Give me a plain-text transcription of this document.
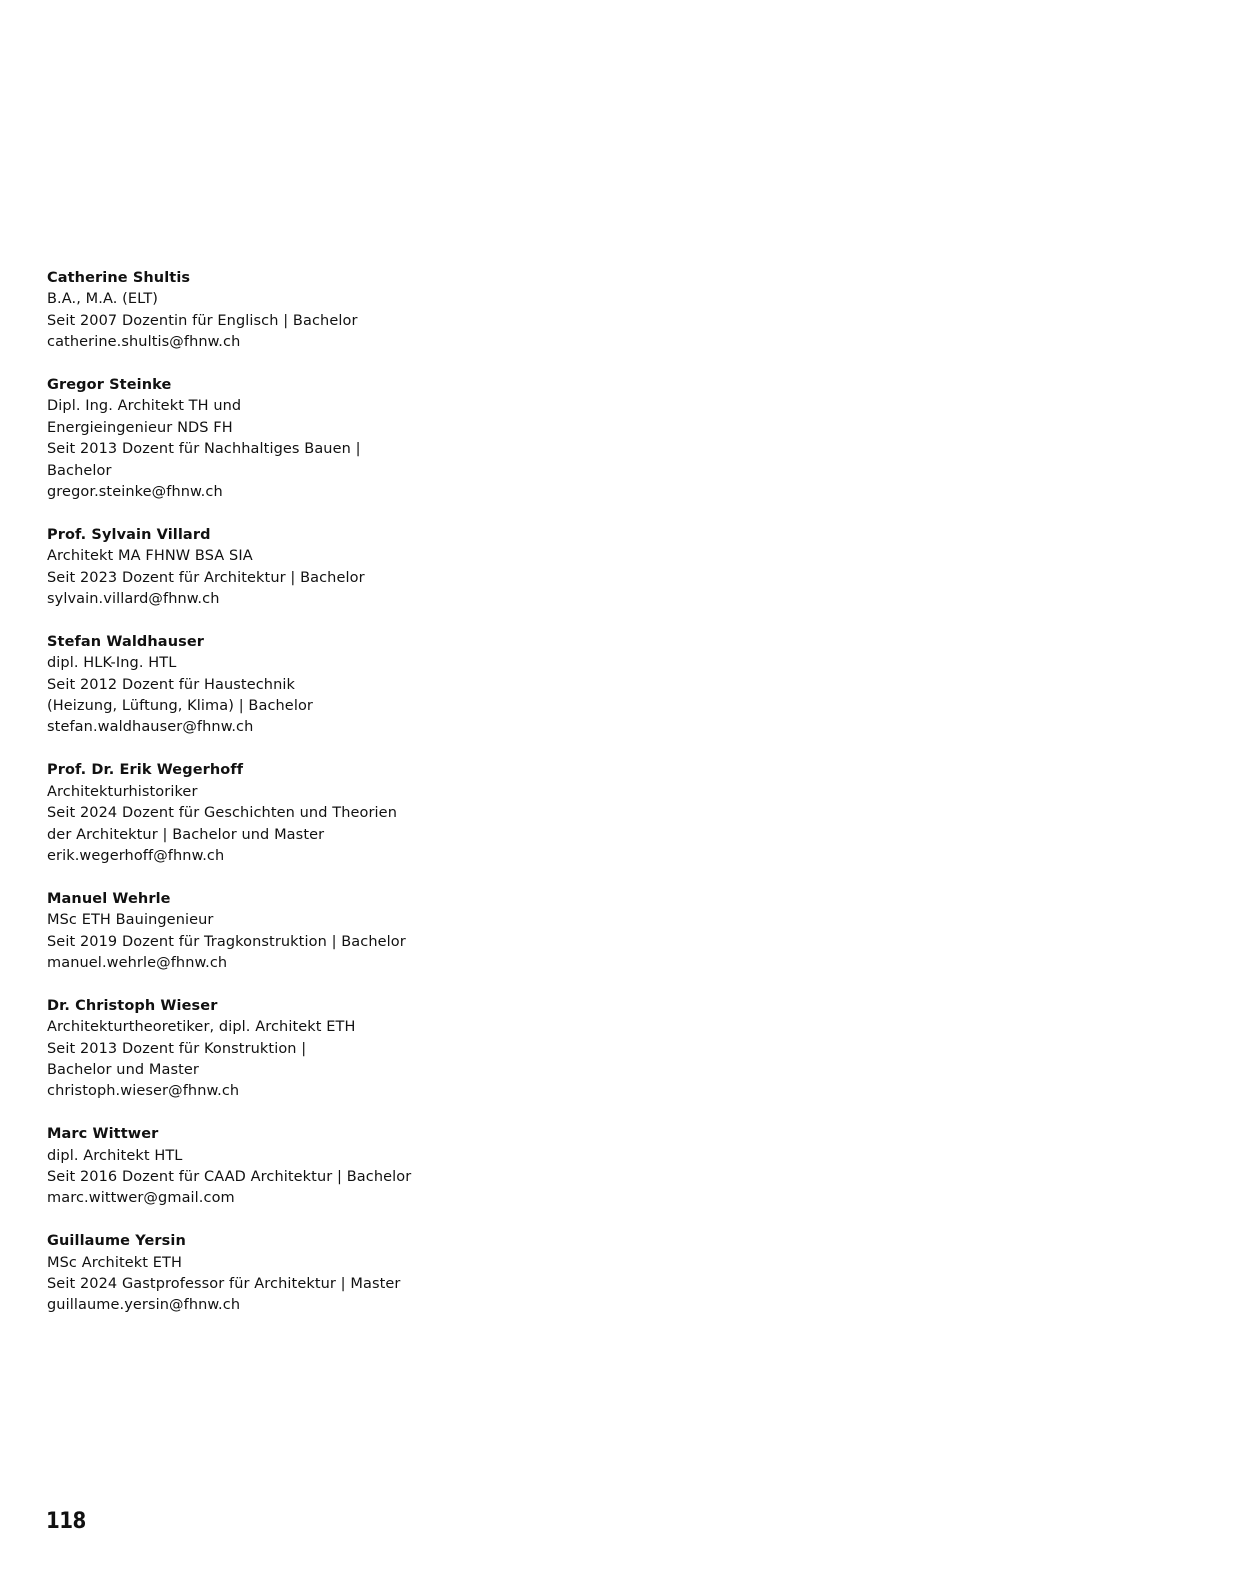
Catherine Shultis
B.A., M.A. (ELT)
Seit 2007 Dozentin für Englisch | Bachelor
catherine.shultis@fhnw.ch
Gregor Steinke
Dipl. Ing. Architekt TH und
Energieingenieur NDS FH
Seit 2013 Dozent für Nachhaltiges Bauen |
Bachelor
gregor.steinke@fhnw.ch
Prof. Sylvain Villard
Architekt MA FHNW BSA SIA
Seit 2023 Dozent für Architektur | Bachelor
sylvain.villard@fhnw.ch
Stefan Waldhauser
dipl. HLK-Ing. HTL
Seit 2012 Dozent für Haustechnik
(Heizung, Lüftung, Klima) | Bachelor
stefan.waldhauser@fhnw.ch
Prof. Dr. Erik Wegerhoff
Architekturhistoriker
Seit 2024 Dozent für Geschichten und Theorien
der Architektur | Bachelor und Master
erik.wegerhoff@fhnw.ch
Manuel Wehrle
MSc ETH Bauingenieur
Seit 2019 Dozent für Tragkonstruktion | Bachelor
manuel.wehrle@fhnw.ch
Dr. Christoph Wieser
Architekturtheoretiker, dipl. Architekt ETH
Seit 2013 Dozent für Konstruktion |
Bachelor und Master
christoph.wieser@fhnw.ch
Marc Wittwer
dipl. Architekt HTL
Seit 2016 Dozent für CAAD Architektur | Bachelor
marc.wittwer@gmail.com
Guillaume Yersin
MSc Architekt ETH
Seit 2024 Gastprofessor für Architektur | Master
guillaume.yersin@fhnw.ch
118
